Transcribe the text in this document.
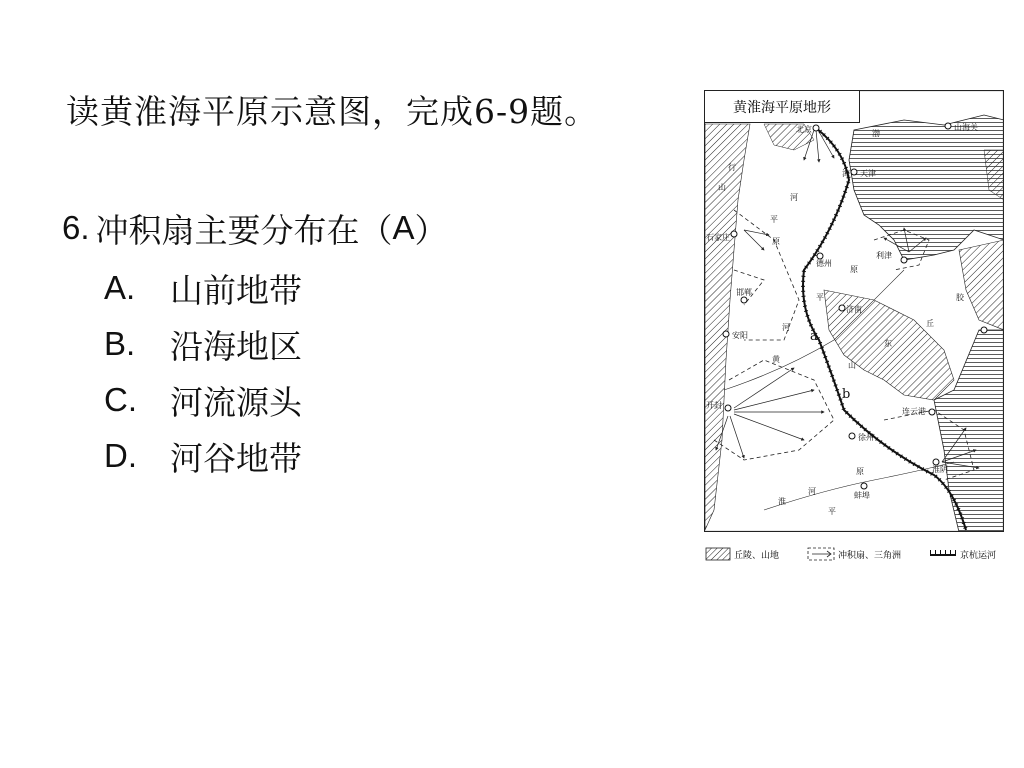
读黄淮海平原示意图，完成6-9题。
6. 冲积扇主要分布在（ A ）
A.	山前地带
B.	沿海地区
C.	河流源头
D.	河谷地带
黄淮海平原地形
渤
山海关
北京
天津
海
河
山
行
石家庄
平
原
德州
利津
原
邯郸
平
济南
安阳
河
黄
a
山
东
丘
胶
b
开封
连云港
徐州
淮阴
原
河
平
淮
蚌埠
丘陵、山地	冲积扇、三角洲	京杭运河
